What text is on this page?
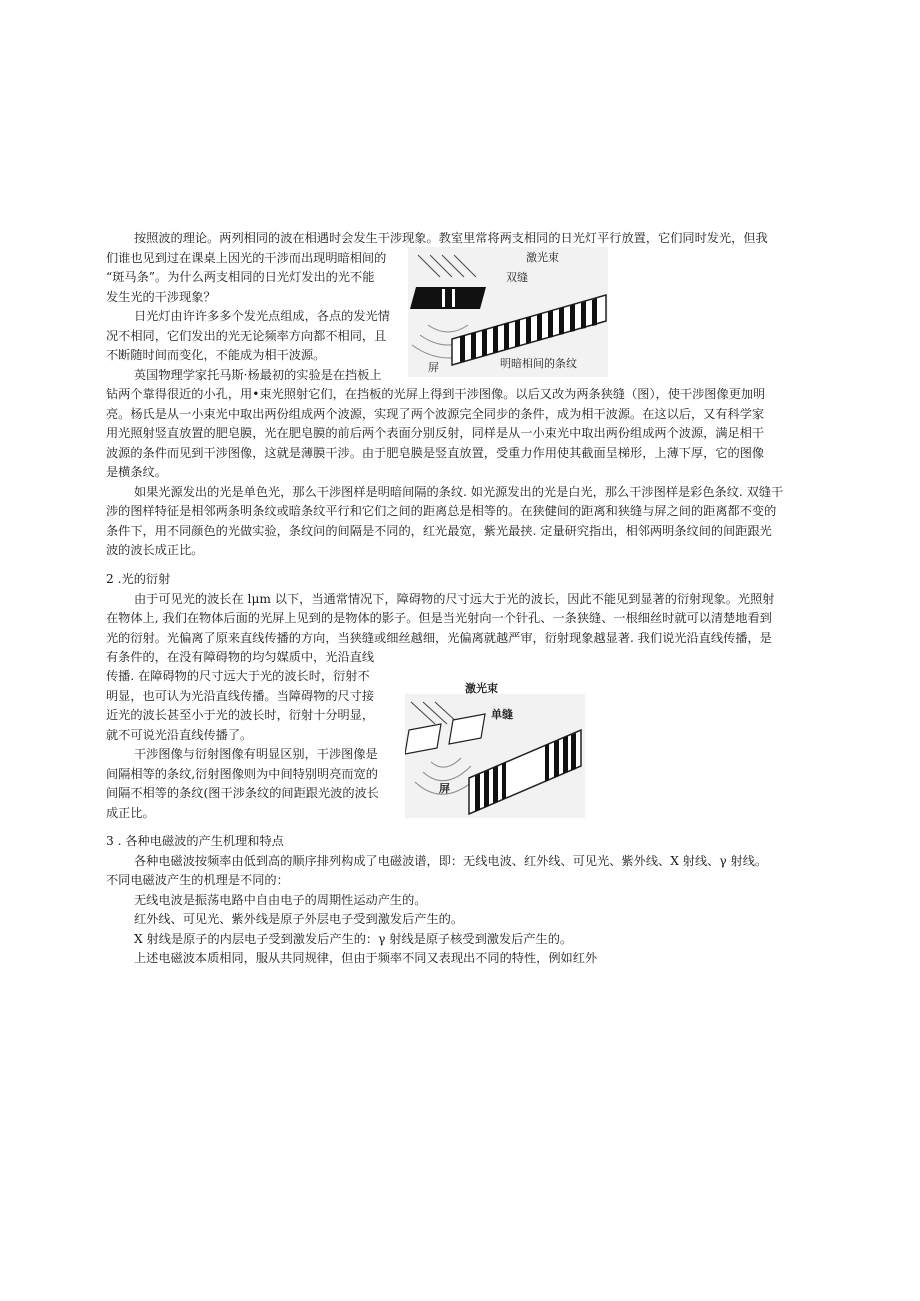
按照波的理论。两列相同的波在相遇时会发生干涉现象。教室里常将两支相同的日光灯平行放置，它们同时发光，但我
们谁也见到过在课桌上因光的干涉而出现明暗相间的
“斑马条”。为什么两支相同的日光灯发出的光不能
发生光的干涉现象？
日光灯由许许多多个发光点组成，各点的发光情
况不相同，它们发出的光无论频率方向都不相同，且
不断随时间而变化，不能成为相干波源。
英国物理学家托马斯·杨最初的实验是在挡板上
钻两个靠得很近的小孔，用•束光照射它们，在挡板的光屏上得到干涉图像。以后又改为两条狭缝（图），使干涉图像更加明
亮。杨氏是从一小束光中取出两份组成两个波源，实现了两个波源完全同步的条件，成为相干波源。在这以后，又有科学家
用光照射竖直放置的肥皂膜，光在肥皂膜的前后两个表面分别反射，同样是从一小束光中取出两份组成两个波源，满足相干
波源的条件而见到干涉图像，这就是薄膜干涉。由于肥皂膜是竖直放置，受重力作用使其截面呈梯形，上薄下厚，它的图像
是横条纹。
如果光源发出的光是单色光，那么干涉图样是明暗间隔的条纹. 如光源发出的光是白光，那么干涉图样是彩色条纹. 双缝干
涉的图样特征是相邻两条明条纹或暗条纹平行和它们之间的距离总是相等的。在狭健间的距离和狭缝与屏之间的距离都不变的
条件下，用不同颜色的光做实验，条纹问的间隔是不同的，红光最宽，紫光最挟. 定量研究指出，相邻两明条纹间的间距跟光
波的波长成正比。
激光束
双缝
屏	明暗相间的条纹
2 .光的衍射
由于可见光的波长在 lμm 以下，当通常情况下，障碍物的尺寸远大于光的波长，因此不能见到显著的衍射现象。光照射
在物体上, 我们在物体后面的光屏上见到的是物体的影子。但是当光射向一个针孔、一条狭缝、一根细丝时就可以清楚地看到
光的衍射。光偏离了原来直线传播的方向，当狭缝或细丝越细，光偏离就越严审，衍射现象越显著. 我们说光沿直线传播，是
有条件的，在没有障碍物的均匀媒质中，光沿直线
传播. 在障碍物的尺寸远大于光的波长时，衍射不
明显，也可认为光沿直线传播。当障碍物的尺寸接
近光的波长甚至小于光的波长时，衍射十分明显，
就不可说光沿直线传播了。
干涉图像与衍射图像有明显区别，干涉图像是
间隔相等的条纹,衍射图像则为中间特别明亮而宽的
间隔不相等的条纹(图干涉条纹的间距跟光波的波长
成正比。
激光束
单缝
屏
3 . 各种电磁波的产生机理和特点
各种电磁波按频率由低到高的顺序排列构成了电磁波谱，即：无线电波、红外线、可见光、紫外线、X 射线、γ 射线。
不同电磁波产生的机理是不同的：
无线电波是振荡电路中自由电子的周期性运动产生的。
红外线、可见光、紫外线是原子外层电子受到激发后产生的。
X 射线是原子的内层电子受到激发后产生的：γ 射线是原子核受到激发后产生的。
上述电磁波本质相同，服从共同规律，但由于频率不同又表现出不同的特性，例如红外
